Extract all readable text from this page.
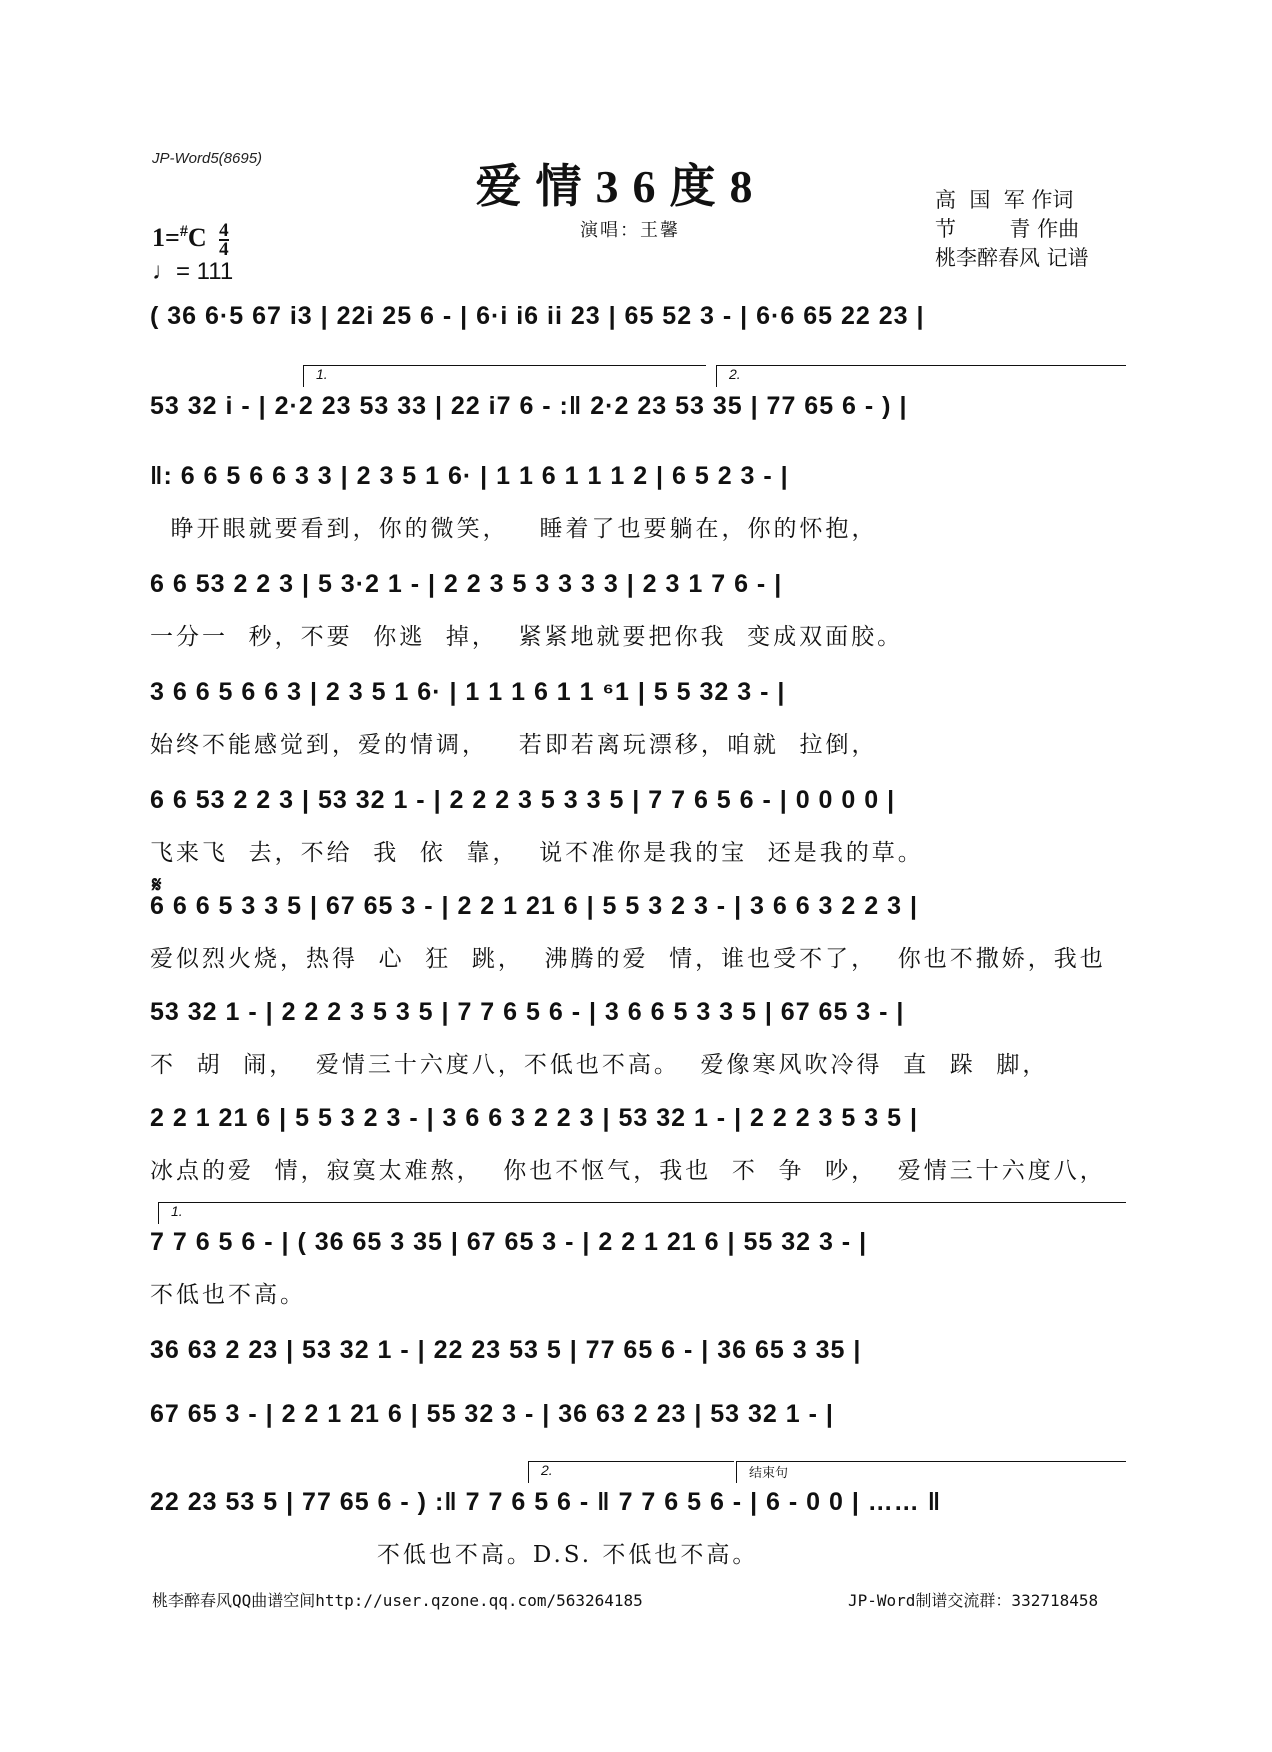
JP-Word5(8695)
爱情36度8
演唱：王馨
高  国  军 作词
节        青 作曲
桃李醉春风 记谱
$1=^{\#}C \frac{4}{4}$
♩= 111
( 36 6·5 67 i3 | 22i 25 6 - | 6·i i6 ii 23 | 65 52 3 - | 6·6 65 22 23 |
1.	2.
53 32 i - | 2·2 23 53 33 | 22 i7 6 - :‖ 2·2 23 53 35 | 77 65 6 - ) |
‖: 6 6 5 6 6 3 3 | 2 3 5 1 6· | 1 1 6 1 1 1 2 | 6 5 2 3 - |
睁开眼就要看到，你的微笑，   睡着了也要躺在，你的怀抱，
6 6 53 2 2 3 | 5 3·2 1 - | 2 2 3 5 3 3 3 3 | 2 3 1 7 6 - |
一分一  秒，不要  你逃  掉，  紧紧地就要把你我  变成双面胶。
3 6 6 5 6 6 3 | 2 3 5 1 6· | 1 1 1 6 1 1 ⁶1 | 5 5 32 3 - |
始终不能感觉到，爱的情调，   若即若离玩漂移，咱就  拉倒，
6 6 53 2 2 3 | 53 32 1 - | 2 2 2 3 5 3 3 5 | 7 7 6 5 6 - | 0 0 0 0 |
飞来飞  去，不给  我  依  靠，  说不准你是我的宝  还是我的草。
𝄋
6 6 6 5 3 3 5 | 67 65 3 - | 2 2 1 21 6 | 5 5 3 2 3 - | 3 6 6 3 2 2 3 |
爱似烈火烧，热得  心  狂  跳，  沸腾的爱  情，谁也受不了，  你也不撒娇，我也
53 32 1 - | 2 2 2 3 5 3 5 | 7 7 6 5 6 - | 3 6 6 5 3 3 5 | 67 65 3 - |
不  胡  闹，  爱情三十六度八，不低也不高。  爱像寒风吹冷得  直  跺  脚，
2 2 1 21 6 | 5 5 3 2 3 - | 3 6 6 3 2 2 3 | 53 32 1 - | 2 2 2 3 5 3 5 |
冰点的爱  情，寂寞太难熬，  你也不怄气，我也  不  争  吵，  爱情三十六度八，
1.
7 7 6 5 6 - | ( 36 65 3 35 | 67 65 3 - | 2 2 1 21 6 | 55 32 3 - |
不低也不高。
36 63 2 23 | 53 32 1 - | 22 23 53 5 | 77 65 6 - | 36 65 3 35 |
67 65 3 - | 2 2 1 21 6 | 55 32 3 - | 36 63 2 23 | 53 32 1 - |
2.	结束句
22 23 53 5 | 77 65 6 - ) :‖ 7 7 6 5 6 - ‖ 7 7 6 5 6 - | 6 - 0 0 | …… ‖
不低也不高。D.S. 不低也不高。
桃李醉春风QQ曲谱空间http://user.qzone.qq.com/563264185	JP-Word制谱交流群：332718458
